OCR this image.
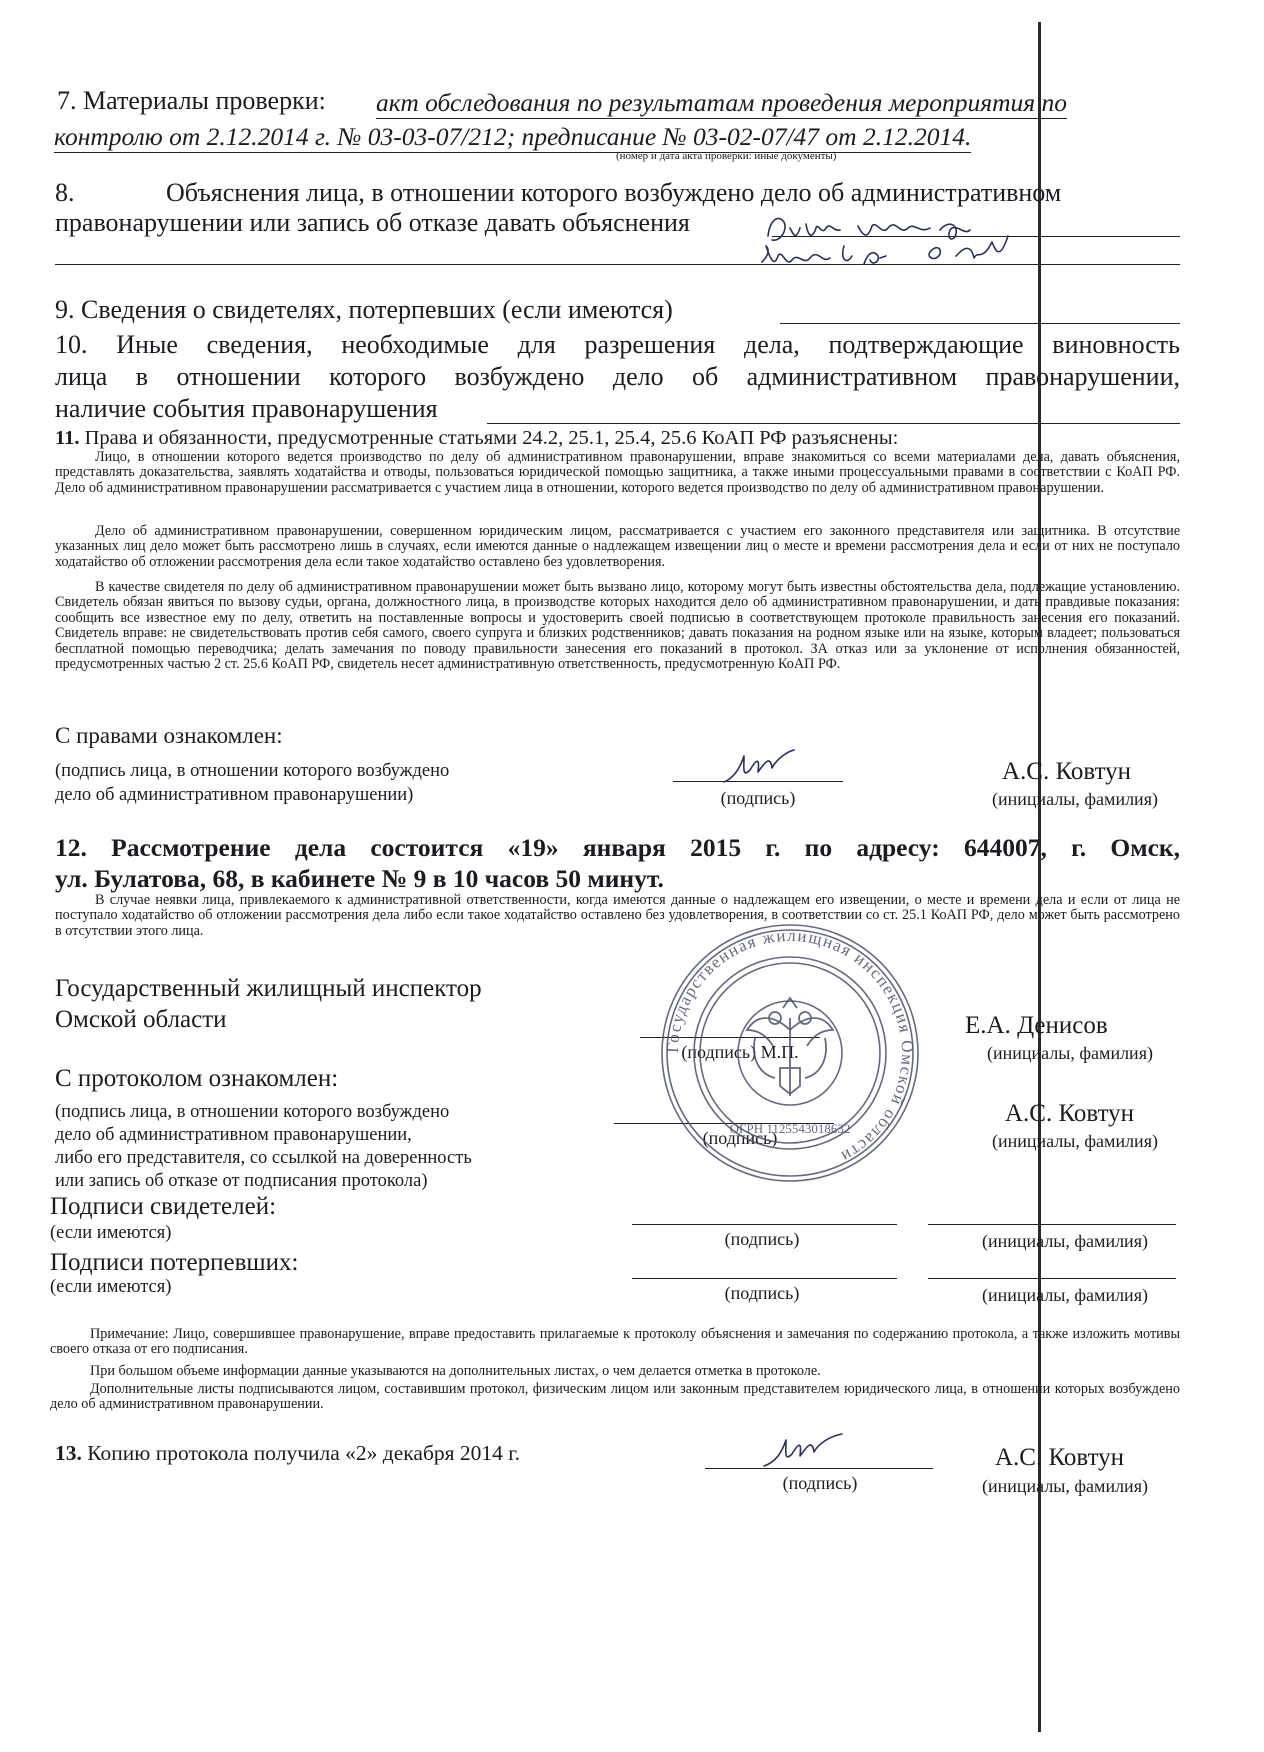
7. Материалы проверки: акт обследования по результатам проведения мероприятия по
контролю от 2.12.2014 г. № 03-03-07/212; предписание № 03-02-07/47 от 2.12.2014.
(номер и дата акта проверки: иные документы)
8.	Объяснения лица, в отношении которого возбуждено дело об административном
правонарушении или запись об отказе давать объяснения
9. Сведения о свидетелях, потерпевших (если имеются)
10. Иные сведения, необходимые для разрешения дела, подтверждающие виновность
лица в отношении которого возбуждено дело об административном правонарушении,
наличие события правонарушения
11. Права и обязанности, предусмотренные статьями 24.2, 25.1, 25.4, 25.6 КоАП РФ разъяснены:
Лицо, в отношении которого ведется производство по делу об административном правонарушении, вправе знакомиться со всеми материалами дела, давать объяснения, представлять доказательства, заявлять ходатайства и отводы, пользоваться юридической помощью защитника, а также иными процессуальными правами в соответствии с КоАП РФ. Дело об административном правонарушении рассматривается с участием лица в отношении, которого ведется производство по делу об административном правонарушении.
Дело об административном правонарушении, совершенном юридическим лицом, рассматривается с участием его законного представителя или защитника. В отсутствие указанных лиц дело может быть рассмотрено лишь в случаях, если имеются данные о надлежащем извещении лиц о месте и времени рассмотрения дела и если от них не поступало ходатайство об отложении рассмотрения дела если такое ходатайство оставлено без удовлетворения.
В качестве свидетеля по делу об административном правонарушении может быть вызвано лицо, которому могут быть известны обстоятельства дела, подлежащие установлению. Свидетель обязан явиться по вызову судьи, органа, должностного лица, в производстве которых находится дело об административном правонарушении, и дать правдивые показания: сообщить все известное ему по делу, ответить на поставленные вопросы и удостоверить своей подписью в соответствующем протоколе правильность занесения его показаний. Свидетель вправе: не свидетельствовать против себя самого, своего супруга и близких родственников; давать показания на родном языке или на языке, которым владеет; пользоваться бесплатной помощью переводчика; делать замечания по поводу правильности занесения его показаний в протокол. ЗА отказ или за уклонение от исполнения обязанностей, предусмотренных частью 2 ст. 25.6 КоАП РФ, свидетель несет административную ответственность, предусмотренную КоАП РФ.
С правами ознакомлен:
(подпись лица, в отношении которого возбуждено
дело об административном правонарушении)	(подпись)
А.С. Ковтун
(инициалы, фамилия)
12. Рассмотрение дела состоится «19» января 2015 г. по адресу: 644007, г. Омск,
ул. Булатова, 68, в кабинете № 9 в 10 часов 50 минут.
В случае неявки лица, привлекаемого к административной ответственности, когда имеются данные о надлежащем его извещении, о месте и времени дела и если от лица не поступало ходатайство об отложении рассмотрения дела либо если такое ходатайство оставлено без удовлетворения, в соответствии со ст. 25.1 КоАП РФ, дело может быть рассмотрено в отсутствии этого лица.
Государственный жилищный инспектор
Омской области
(подпись) М.П.
Е.А. Денисов
(инициалы, фамилия)
С протоколом ознакомлен:
(подпись лица, в отношении которого возбуждено
дело об административном правонарушении,
либо его представителя, со ссылкой на доверенность
или запись об отказе от подписания протокола)
(подпись)
А.С. Ковтун
(инициалы, фамилия)
Подписи свидетелей:
(если имеются)	(подпись)	(инициалы, фамилия)
Подписи потерпевших:
(если имеются)	(подпись)	(инициалы, фамилия)
Примечание: Лицо, совершившее правонарушение, вправе предоставить прилагаемые к протоколу объяснения и замечания по содержанию протокола, а также изложить мотивы своего отказа от его подписания.
При большом объеме информации данные указываются на дополнительных листах, о чем делается отметка в протоколе.
Дополнительные листы подписываются лицом, составившим протокол, физическим лицом или законным представителем юридического лица, в отношении которых возбуждено дело об административном правонарушении.
13. Копию протокола получила «2» декабря 2014 г.
(подпись)
А.С. Ковтун
(инициалы, фамилия)
Государственная жилищная инспекция Омской области
ОГРН 1125543018632
